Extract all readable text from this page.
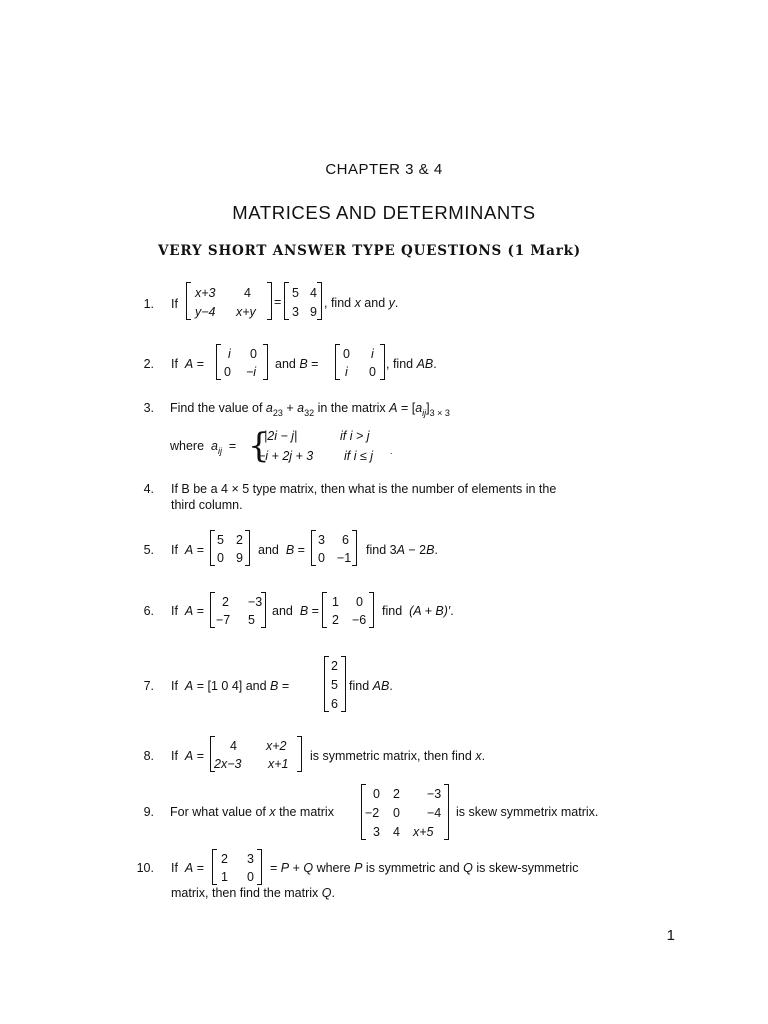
CHAPTER 3 & 4
MATRICES AND DETERMINANTS
VERY SHORT ANSWER TYPE QUESTIONS (1 Mark)
1. If
x+3 4
y−4 x+y
=
5 4
3 9
, find x and y.
2. If A =
i 0
0 −i
and B =
0 i
i 0
, find AB.
3. Find the value of $a_{23} + a_{32}$ in the matrix $A = [a_{ij}]_{3 \times 3}$
where $a_{ij}$ = {
|2i − j|	if i > j
−i + 2j + 3 if i ≤ j .
4. If B be a 4 × 5 type matrix, then what is the number of elements in the
third column.
5. If A =
5 2
0 9
and B =
3 6
0 −1
find 3A − 2B.
6. If A =
2 −3
−7 5
and B =
1 0
2 −6
find (A + B)′.
7. If A = [1 0 4] and B =
2
5
6
find AB.
8. If A =
4 x+2
2x−3 x+1
is symmetric matrix, then find x.
9. For what value of x the matrix
0 2 −3
−2 0 −4
3 4 x+5
is skew symmetrix matrix.
10. If A =
2 3
1 0
= P + Q where P is symmetric and Q is skew-symmetric
matrix, then find the matrix Q.
1
